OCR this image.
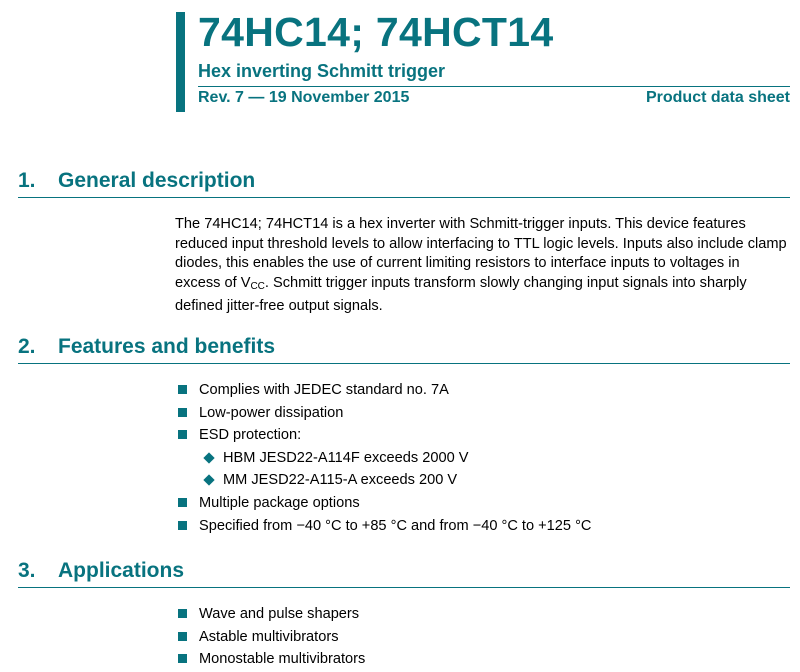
74HC14; 74HCT14
Hex inverting Schmitt trigger
Rev. 7 — 19 November 2015	Product data sheet
1. General description

The 74HC14; 74HCT14 is a hex inverter with Schmitt-trigger inputs. This device features reduced input threshold levels to allow interfacing to TTL logic levels. Inputs also include clamp diodes, this enables the use of current limiting resistors to interface inputs to voltages in excess of $V_{CC}$. Schmitt trigger inputs transform slowly changing input signals into sharply defined jitter-free output signals.

2. Features and benefits
Complies with JEDEC standard no. 7A
Low-power dissipation
ESD protection:
HBM JESD22-A114F exceeds 2000 V
MM JESD22-A115-A exceeds 200 V
Multiple package options
Specified from −40 °C to +85 °C and from −40 °C to +125 °C
3. Applications
Wave and pulse shapers
Astable multivibrators
Monostable multivibrators
